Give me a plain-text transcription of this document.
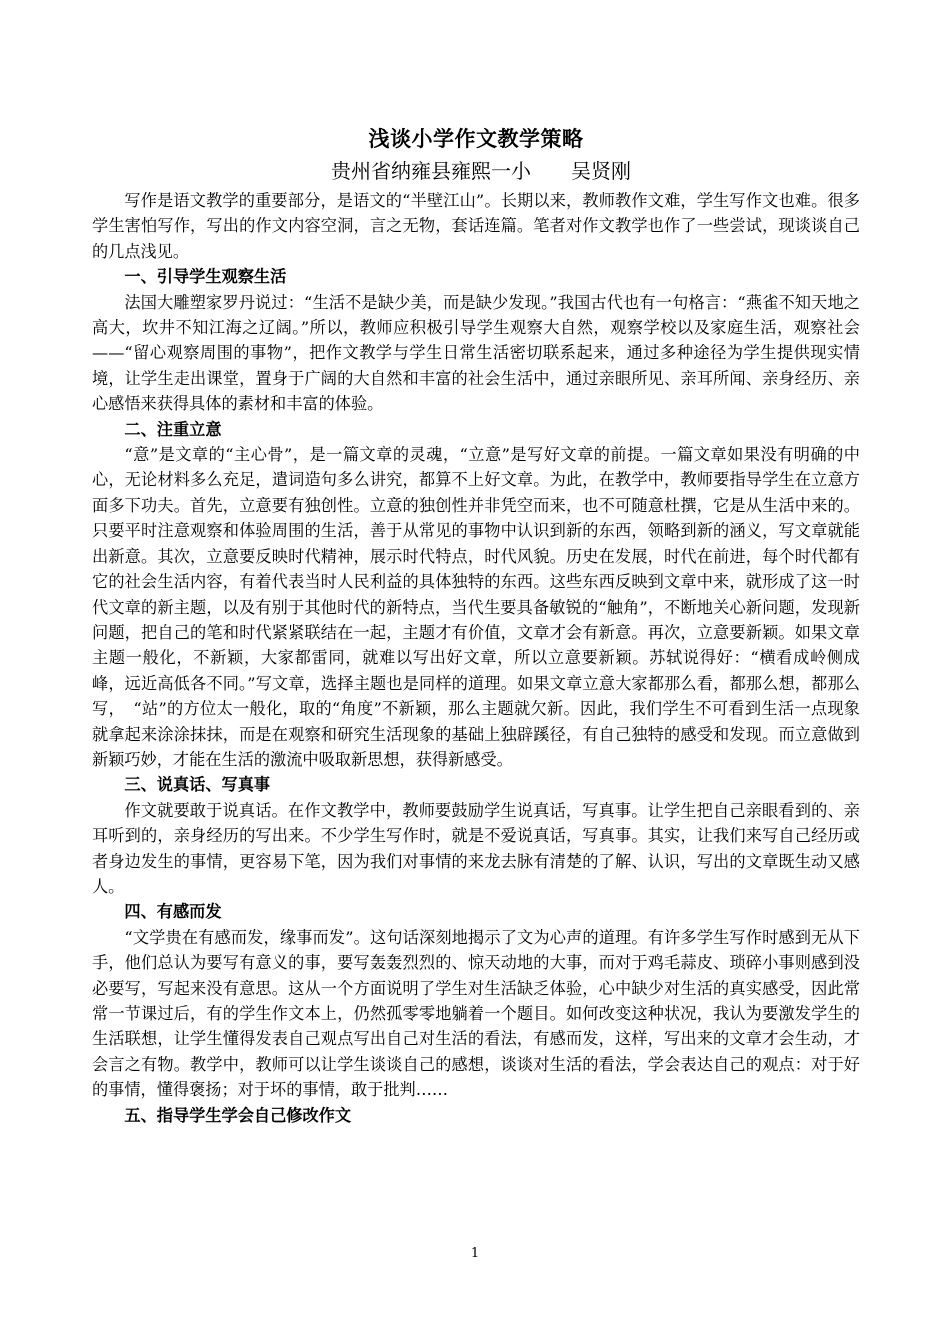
浅谈小学作文教学策略
贵州省纳雍县雍熙一小　　吴贤刚

写作是语文教学的重要部分，是语文的“半壁江山”。长期以来，教师教作文难，学生写作文也难。很多学生害怕写作，写出的作文内容空洞，言之无物，套话连篇。笔者对作文教学也作了一些尝试，现谈谈自己的几点浅见。

一、引导学生观察生活

法国大雕塑家罗丹说过：“生活不是缺少美，而是缺少发现。”我国古代也有一句格言：“燕雀不知天地之高大，坎井不知江海之辽阔。”所以，教师应积极引导学生观察大自然，观察学校以及家庭生活，观察社会——“留心观察周围的事物”，把作文教学与学生日常生活密切联系起来，通过多种途径为学生提供现实情境，让学生走出课堂，置身于广阔的大自然和丰富的社会生活中，通过亲眼所见、亲耳所闻、亲身经历、亲心感悟来获得具体的素材和丰富的体验。

二、注重立意

“意”是文章的“主心骨”，是一篇文章的灵魂，“立意”是写好文章的前提。一篇文章如果没有明确的中心，无论材料多么充足，遣词造句多么讲究，都算不上好文章。为此，在教学中，教师要指导学生在立意方面多下功夫。首先，立意要有独创性。立意的独创性并非凭空而来，也不可随意杜撰，它是从生活中来的。只要平时注意观察和体验周围的生活，善于从常见的事物中认识到新的东西，领略到新的涵义，写文章就能出新意。其次，立意要反映时代精神，展示时代特点，时代风貌。历史在发展，时代在前进，每个时代都有它的社会生活内容，有着代表当时人民利益的具体独特的东西。这些东西反映到文章中来，就形成了这一时代文章的新主题，以及有别于其他时代的新特点，当代生要具备敏锐的“触角”，不断地关心新问题，发现新问题，把自己的笔和时代紧紧联结在一起，主题才有价值，文章才会有新意。再次，立意要新颖。如果文章主题一般化，不新颖，大家都雷同，就难以写出好文章，所以立意要新颖。苏轼说得好：“横看成岭侧成峰，远近高低各不同。”写文章，选择主题也是同样的道理。如果文章立意大家都那么看，都那么想，都那么写，　“站”的方位太一般化，取的“角度”不新颖，那么主题就欠新。因此，我们学生不可看到生活一点现象就拿起来涂涂抹抹，而是在观察和研究生活现象的基础上独辟蹊径，有自己独特的感受和发现。而立意做到新颖巧妙，才能在生活的激流中吸取新思想，获得新感受。

三、说真话、写真事

作文就要敢于说真话。在作文教学中，教师要鼓励学生说真话，写真事。让学生把自己亲眼看到的、亲耳听到的，亲身经历的写出来。不少学生写作时，就是不爱说真话，写真事。其实，让我们来写自己经历或者身边发生的事情，更容易下笔，因为我们对事情的来龙去脉有清楚的了解、认识，写出的文章既生动又感人。

四、有感而发

“文学贵在有感而发，缘事而发”。这句话深刻地揭示了文为心声的道理。有许多学生写作时感到无从下手，他们总认为要写有意义的事，要写轰轰烈烈的、惊天动地的大事，而对于鸡毛蒜皮、琐碎小事则感到没必要写，写起来没有意思。这从一个方面说明了学生对生活缺乏体验，心中缺少对生活的真实感受，因此常常一节课过后，有的学生作文本上，仍然孤零零地躺着一个题目。如何改变这种状况，我认为要激发学生的生活联想，让学生懂得发表自己观点写出自己对生活的看法，有感而发，这样，写出来的文章才会生动，才会言之有物。教学中，教师可以让学生谈谈自己的感想，谈谈对生活的看法，学会表达自己的观点：对于好的事情，懂得褒扬；对于坏的事情，敢于批判……

五、指导学生学会自己修改作文
1
